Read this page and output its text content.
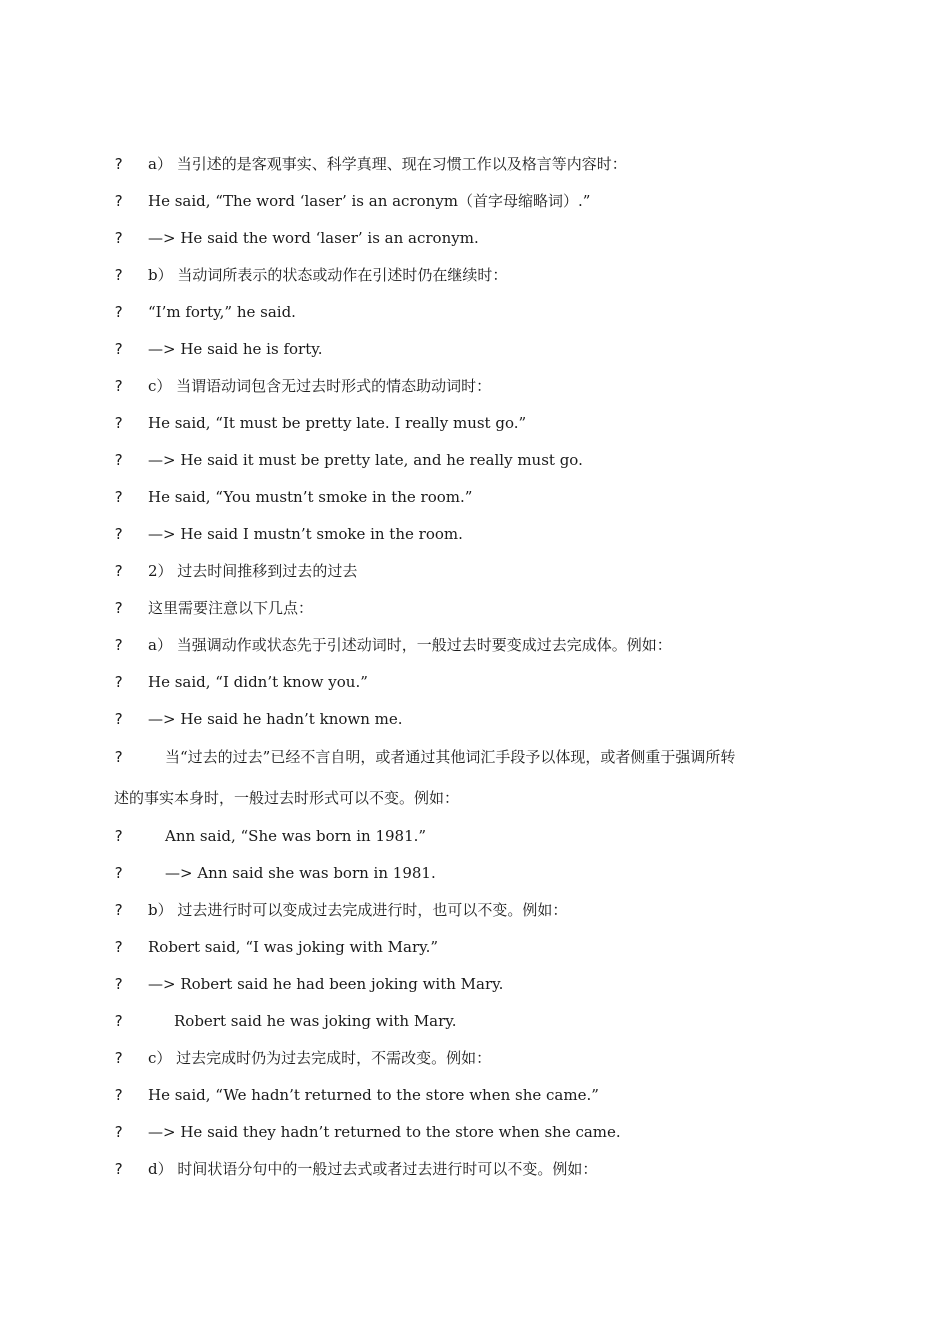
? a） 当引述的是客观事实、科学真理、现在习惯工作以及格言等内容时：
? He said, “The word ‘laser’ is an acronym（首字母缩略词）.”
? —> He said the word ‘laser’ is an acronym.
? b） 当动词所表示的状态或动作在引述时仍在继续时：
? “I’m forty,” he said.
? —> He said he is forty.
? c） 当谓语动词包含无过去时形式的情态助动词时：
? He said, “It must be pretty late. I really must go.”
? —> He said it must be pretty late, and he really must go.
? He said, “You mustn’t smoke in the room.”
? —> He said I mustn’t smoke in the room.
? 2） 过去时间推移到过去的过去
? 这里需要注意以下几点：
? a） 当强调动作或状态先于引述动词时，一般过去时要变成过去完成体。例如：
? He said, “I didn’t know you.”
? —> He said he hadn’t known me.
?	当“过去的过去”已经不言自明，或者通过其他词汇手段予以体现，或者侧重于强调所转
述的事实本身时，一般过去时形式可以不变。例如：
?	Ann said, “She was born in 1981.”
?	—> Ann said she was born in 1981.
? b） 过去进行时可以变成过去完成进行时，也可以不变。例如：
? Robert said, “I was joking with Mary.”
? —> Robert said he had been joking with Mary.
?	Robert said he was joking with Mary.
? c） 过去完成时仍为过去完成时，不需改变。例如：
? He said, “We hadn’t returned to the store when she came.”
? —> He said they hadn’t returned to the store when she came.
? d） 时间状语分句中的一般过去式或者过去进行时可以不变。例如：
